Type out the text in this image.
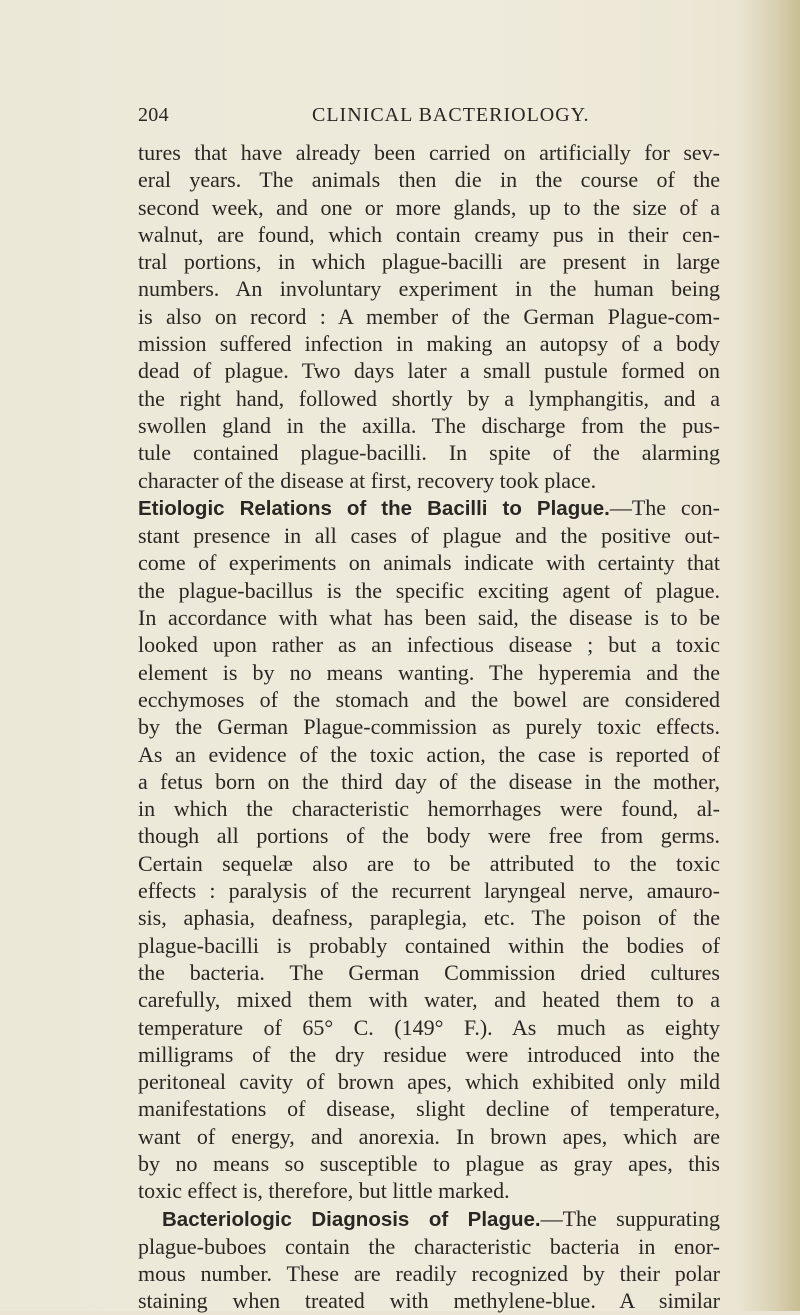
204	CLINICAL BACTERIOLOGY.
tures that have already been carried on artificially for sev-
eral years. The animals then die in the course of the
second week, and one or more glands, up to the size of a
walnut, are found, which contain creamy pus in their cen-
tral portions, in which plague-bacilli are present in large
numbers. An involuntary experiment in the human being
is also on record : A member of the German Plague-com-
mission suffered infection in making an autopsy of a body
dead of plague. Two days later a small pustule formed on
the right hand, followed shortly by a lymphangitis, and a
swollen gland in the axilla. The discharge from the pus-
tule contained plague-bacilli. In spite of the alarming
character of the disease at first, recovery took place.
Etiologic Relations of the Bacilli to Plague.—The con-
stant presence in all cases of plague and the positive out-
come of experiments on animals indicate with certainty that
the plague-bacillus is the specific exciting agent of plague.
In accordance with what has been said, the disease is to be
looked upon rather as an infectious disease ; but a toxic
element is by no means wanting. The hyperemia and the
ecchymoses of the stomach and the bowel are considered
by the German Plague-commission as purely toxic effects.
As an evidence of the toxic action, the case is reported of
a fetus born on the third day of the disease in the mother,
in which the characteristic hemorrhages were found, al-
though all portions of the body were free from germs.
Certain sequelæ also are to be attributed to the toxic
effects : paralysis of the recurrent laryngeal nerve, amauro-
sis, aphasia, deafness, paraplegia, etc. The poison of the
plague-bacilli is probably contained within the bodies of
the bacteria. The German Commission dried cultures
carefully, mixed them with water, and heated them to a
temperature of 65° C. (149° F.). As much as eighty
milligrams of the dry residue were introduced into the
peritoneal cavity of brown apes, which exhibited only mild
manifestations of disease, slight decline of temperature,
want of energy, and anorexia. In brown apes, which are
by no means so susceptible to plague as gray apes, this
toxic effect is, therefore, but little marked.
Bacteriologic Diagnosis of Plague.—The suppurating
plague-buboes contain the characteristic bacteria in enor-
mous number. These are readily recognized by their polar
staining when treated with methylene-blue. A similar
